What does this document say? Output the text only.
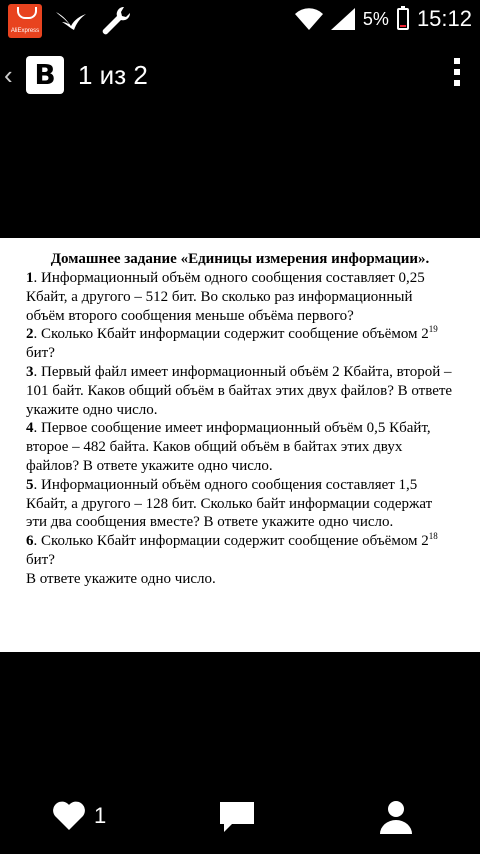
AliExpress
5% 15:12
‹ В 1 из 2
Домашнее задание «Единицы измерения информации».

1. Информационный объём одного сообщения составляет 0,25 Кбайт, а другого – 512 бит. Во сколько раз информационный объём второго сообщения меньше объёма первого?

2. Сколько Кбайт информации содержит сообщение объёмом $2^{19}$ бит?

3. Первый файл имеет информационный объём 2 Кбайта, второй – 101 байт. Каков общий объём в байтах этих двух файлов? В ответе укажите одно число.

4. Первое сообщение имеет информационный объём 0,5 Кбайт, второе – 482 байта. Каков общий объём в байтах этих двух файлов? В ответе укажите одно число.

5. Информационный объём одного сообщения составляет 1,5 Кбайт, а другого – 128 бит. Сколько байт информации содержат эти два сообщения вместе? В ответе укажите одно число.

6. Сколько Кбайт информации содержит сообщение объёмом $2^{18}$ бит?

В ответе укажите одно число.

1
